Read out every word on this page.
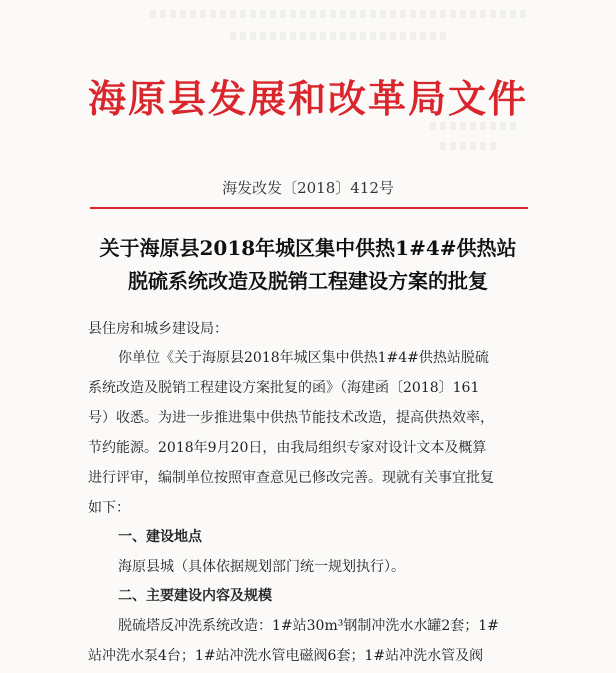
海原县发展和改革局文件
海发改发〔2018〕412号
关于海原县2018年城区集中供热1#4#供热站
脱硫系统改造及脱销工程建设方案的批复
县住房和城乡建设局：
你单位《关于海原县2018年城区集中供热1#4#供热站脱硫
系统改造及脱销工程建设方案批复的函》（海建函〔2018〕161
号）收悉。为进一步推进集中供热节能技术改造，提高供热效率，
节约能源。2018年9月20日，由我局组织专家对设计文本及概算
进行评审，编制单位按照审查意见已修改完善。现就有关事宜批复
如下：
一、建设地点
海原县城（具体依据规划部门统一规划执行）。
二、主要建设内容及规模
脱硫塔反冲洗系统改造：1#站30m³钢制冲洗水水罐2套；1#
站冲洗水泵4台；1#站冲洗水管电磁阀6套；1#站冲洗水管及阀
